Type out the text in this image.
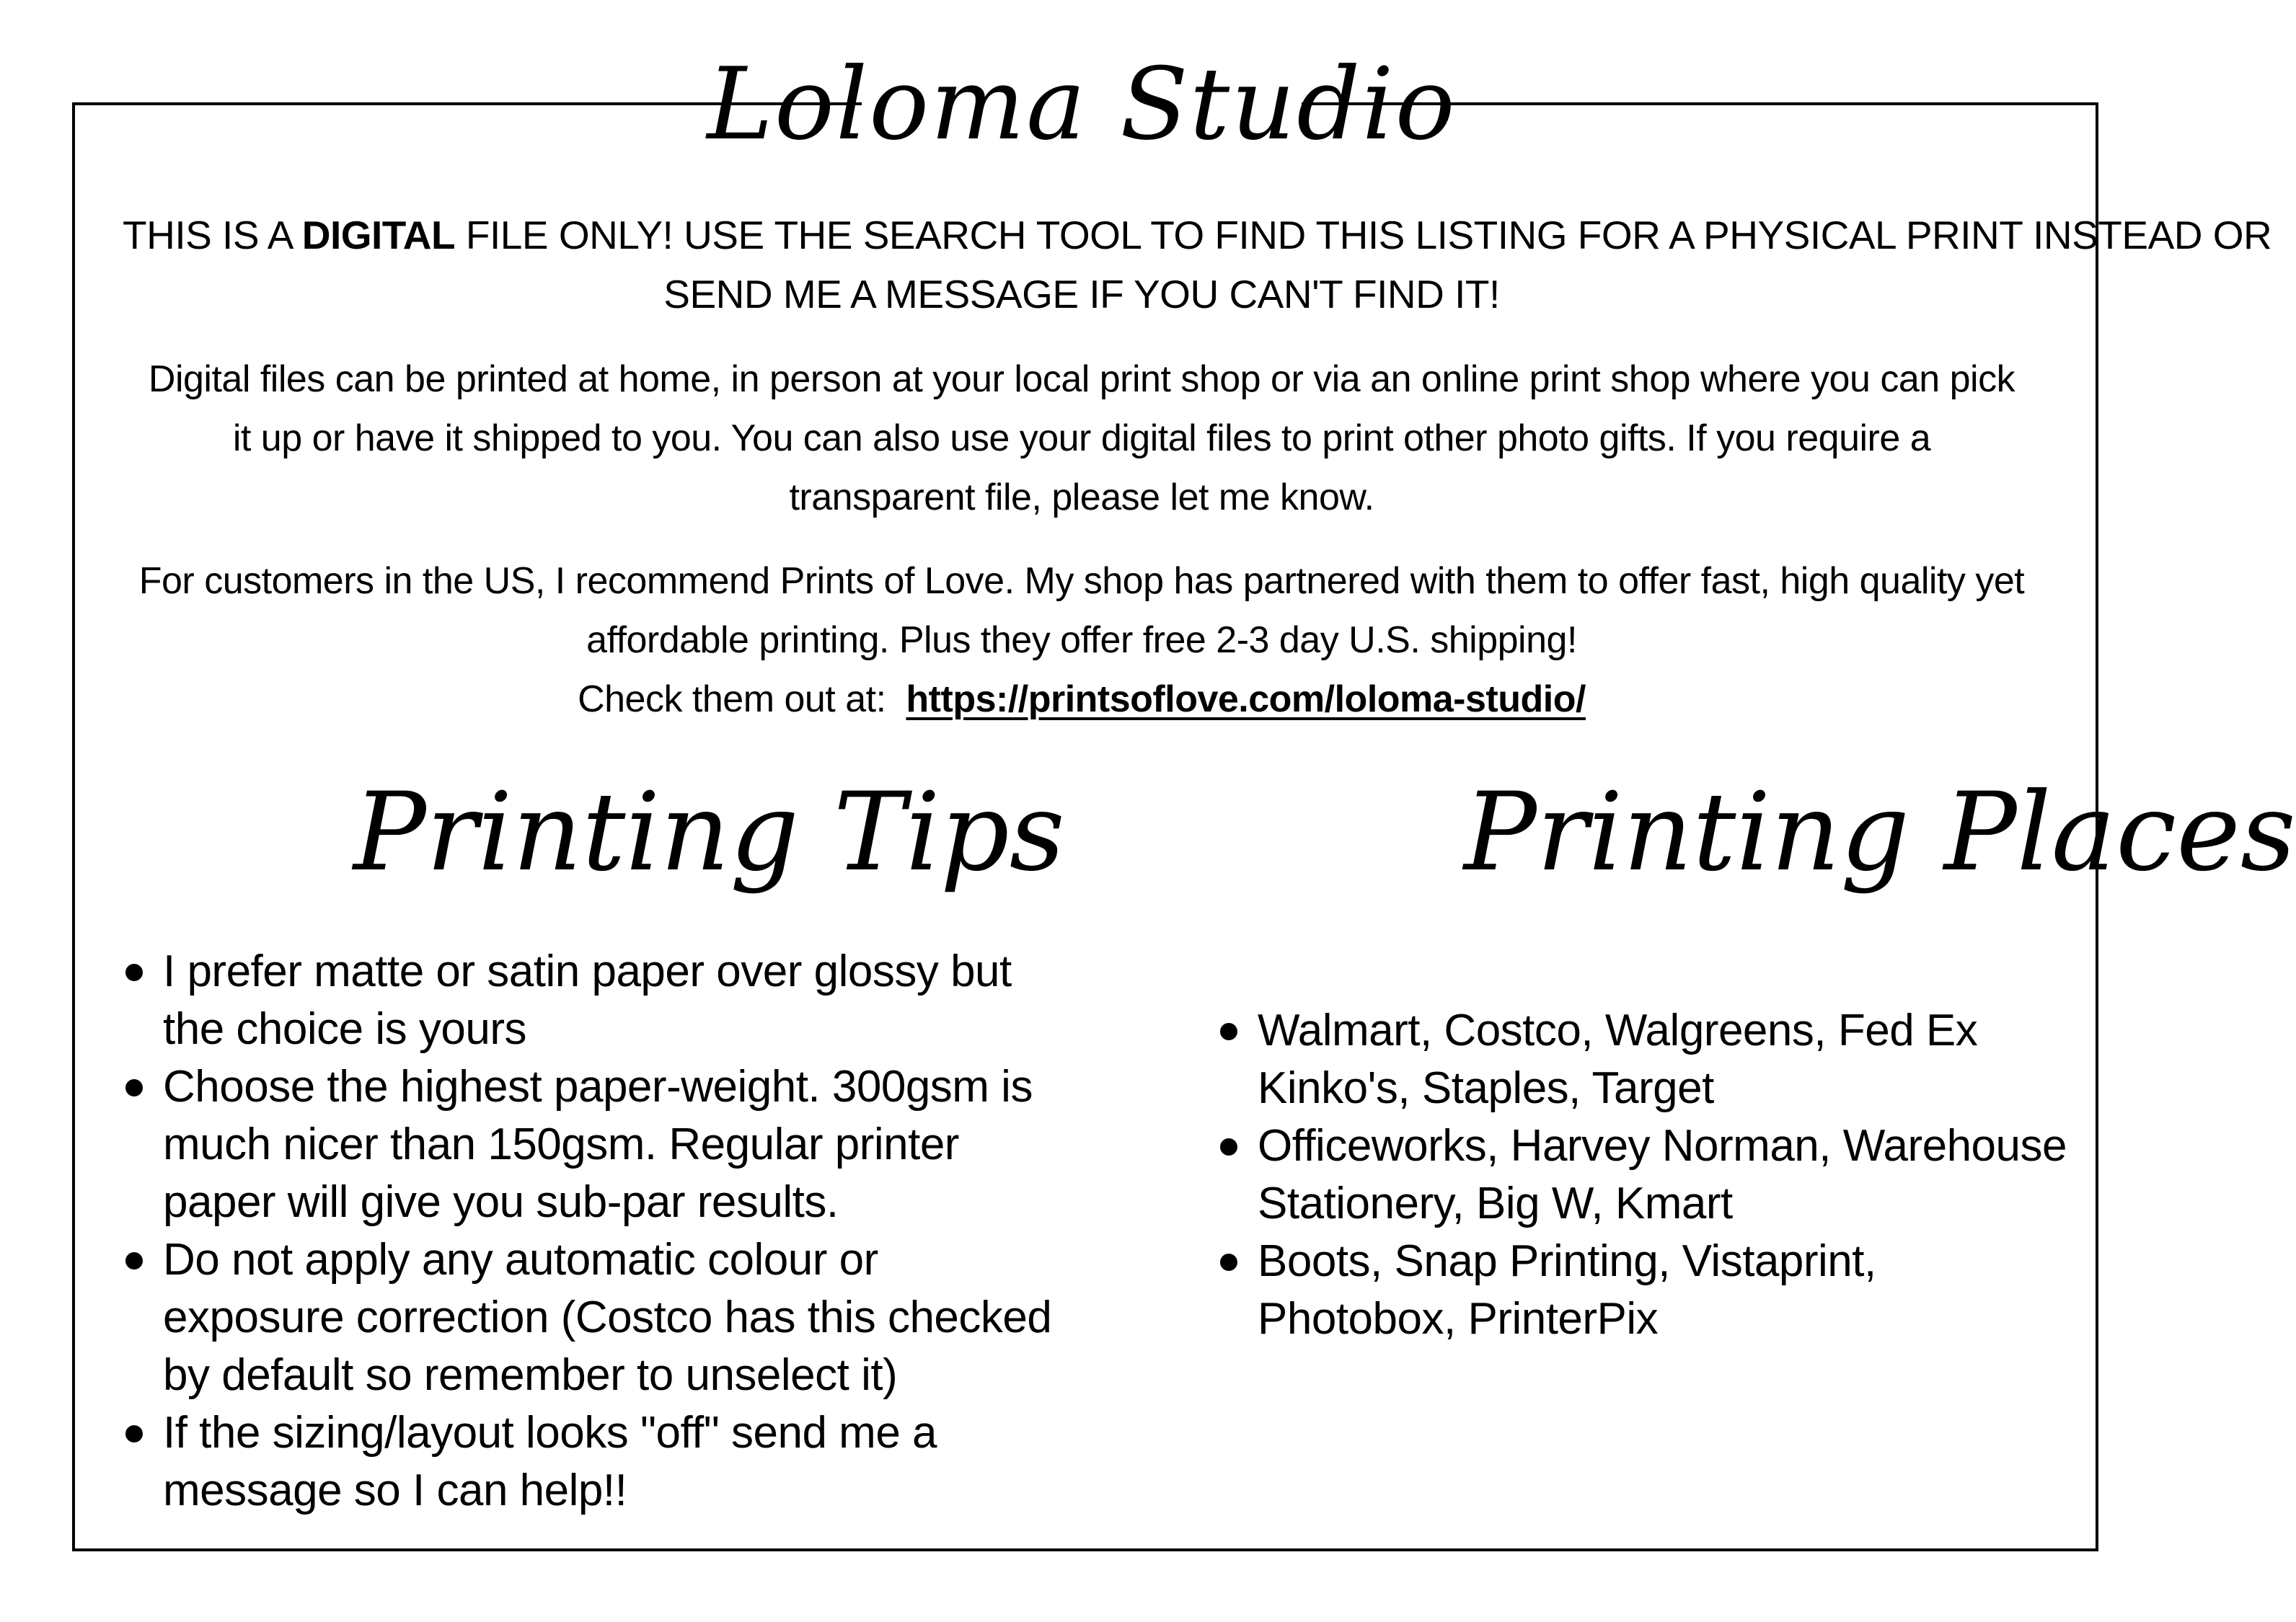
Loloma Studio
THIS IS A DIGITAL FILE ONLY! USE THE SEARCH TOOL TO FIND THIS LISTING FOR A PHYSICAL PRINT INSTEAD OR
SEND ME A MESSAGE IF YOU CAN'T FIND IT!
Digital files can be printed at home, in person at your local print shop or via an online print shop where you can pick
it up or have it shipped to you. You can also use your digital files to print other photo gifts. If you require a
transparent file, please let me know.
For customers in the US, I recommend Prints of Love. My shop has partnered with them to offer fast, high quality yet
affordable printing. Plus they offer free 2-3 day U.S. shipping!
Check them out at:  https://printsoflove.com/loloma-studio/
Printing Tips	Printing Places
I prefer matte or satin paper over glossy but
the choice is yours
Choose the highest paper-weight. 300gsm is
much nicer than 150gsm. Regular printer
paper will give you sub-par results.
Do not apply any automatic colour or
exposure correction (Costco has this checked
by default so remember to unselect it)
If the sizing/layout looks "off" send me a
message so I can help!!
Walmart, Costco, Walgreens, Fed Ex
Kinko's, Staples, Target
Officeworks, Harvey Norman, Warehouse
Stationery, Big W, Kmart
Boots, Snap Printing, Vistaprint,
Photobox, PrinterPix
